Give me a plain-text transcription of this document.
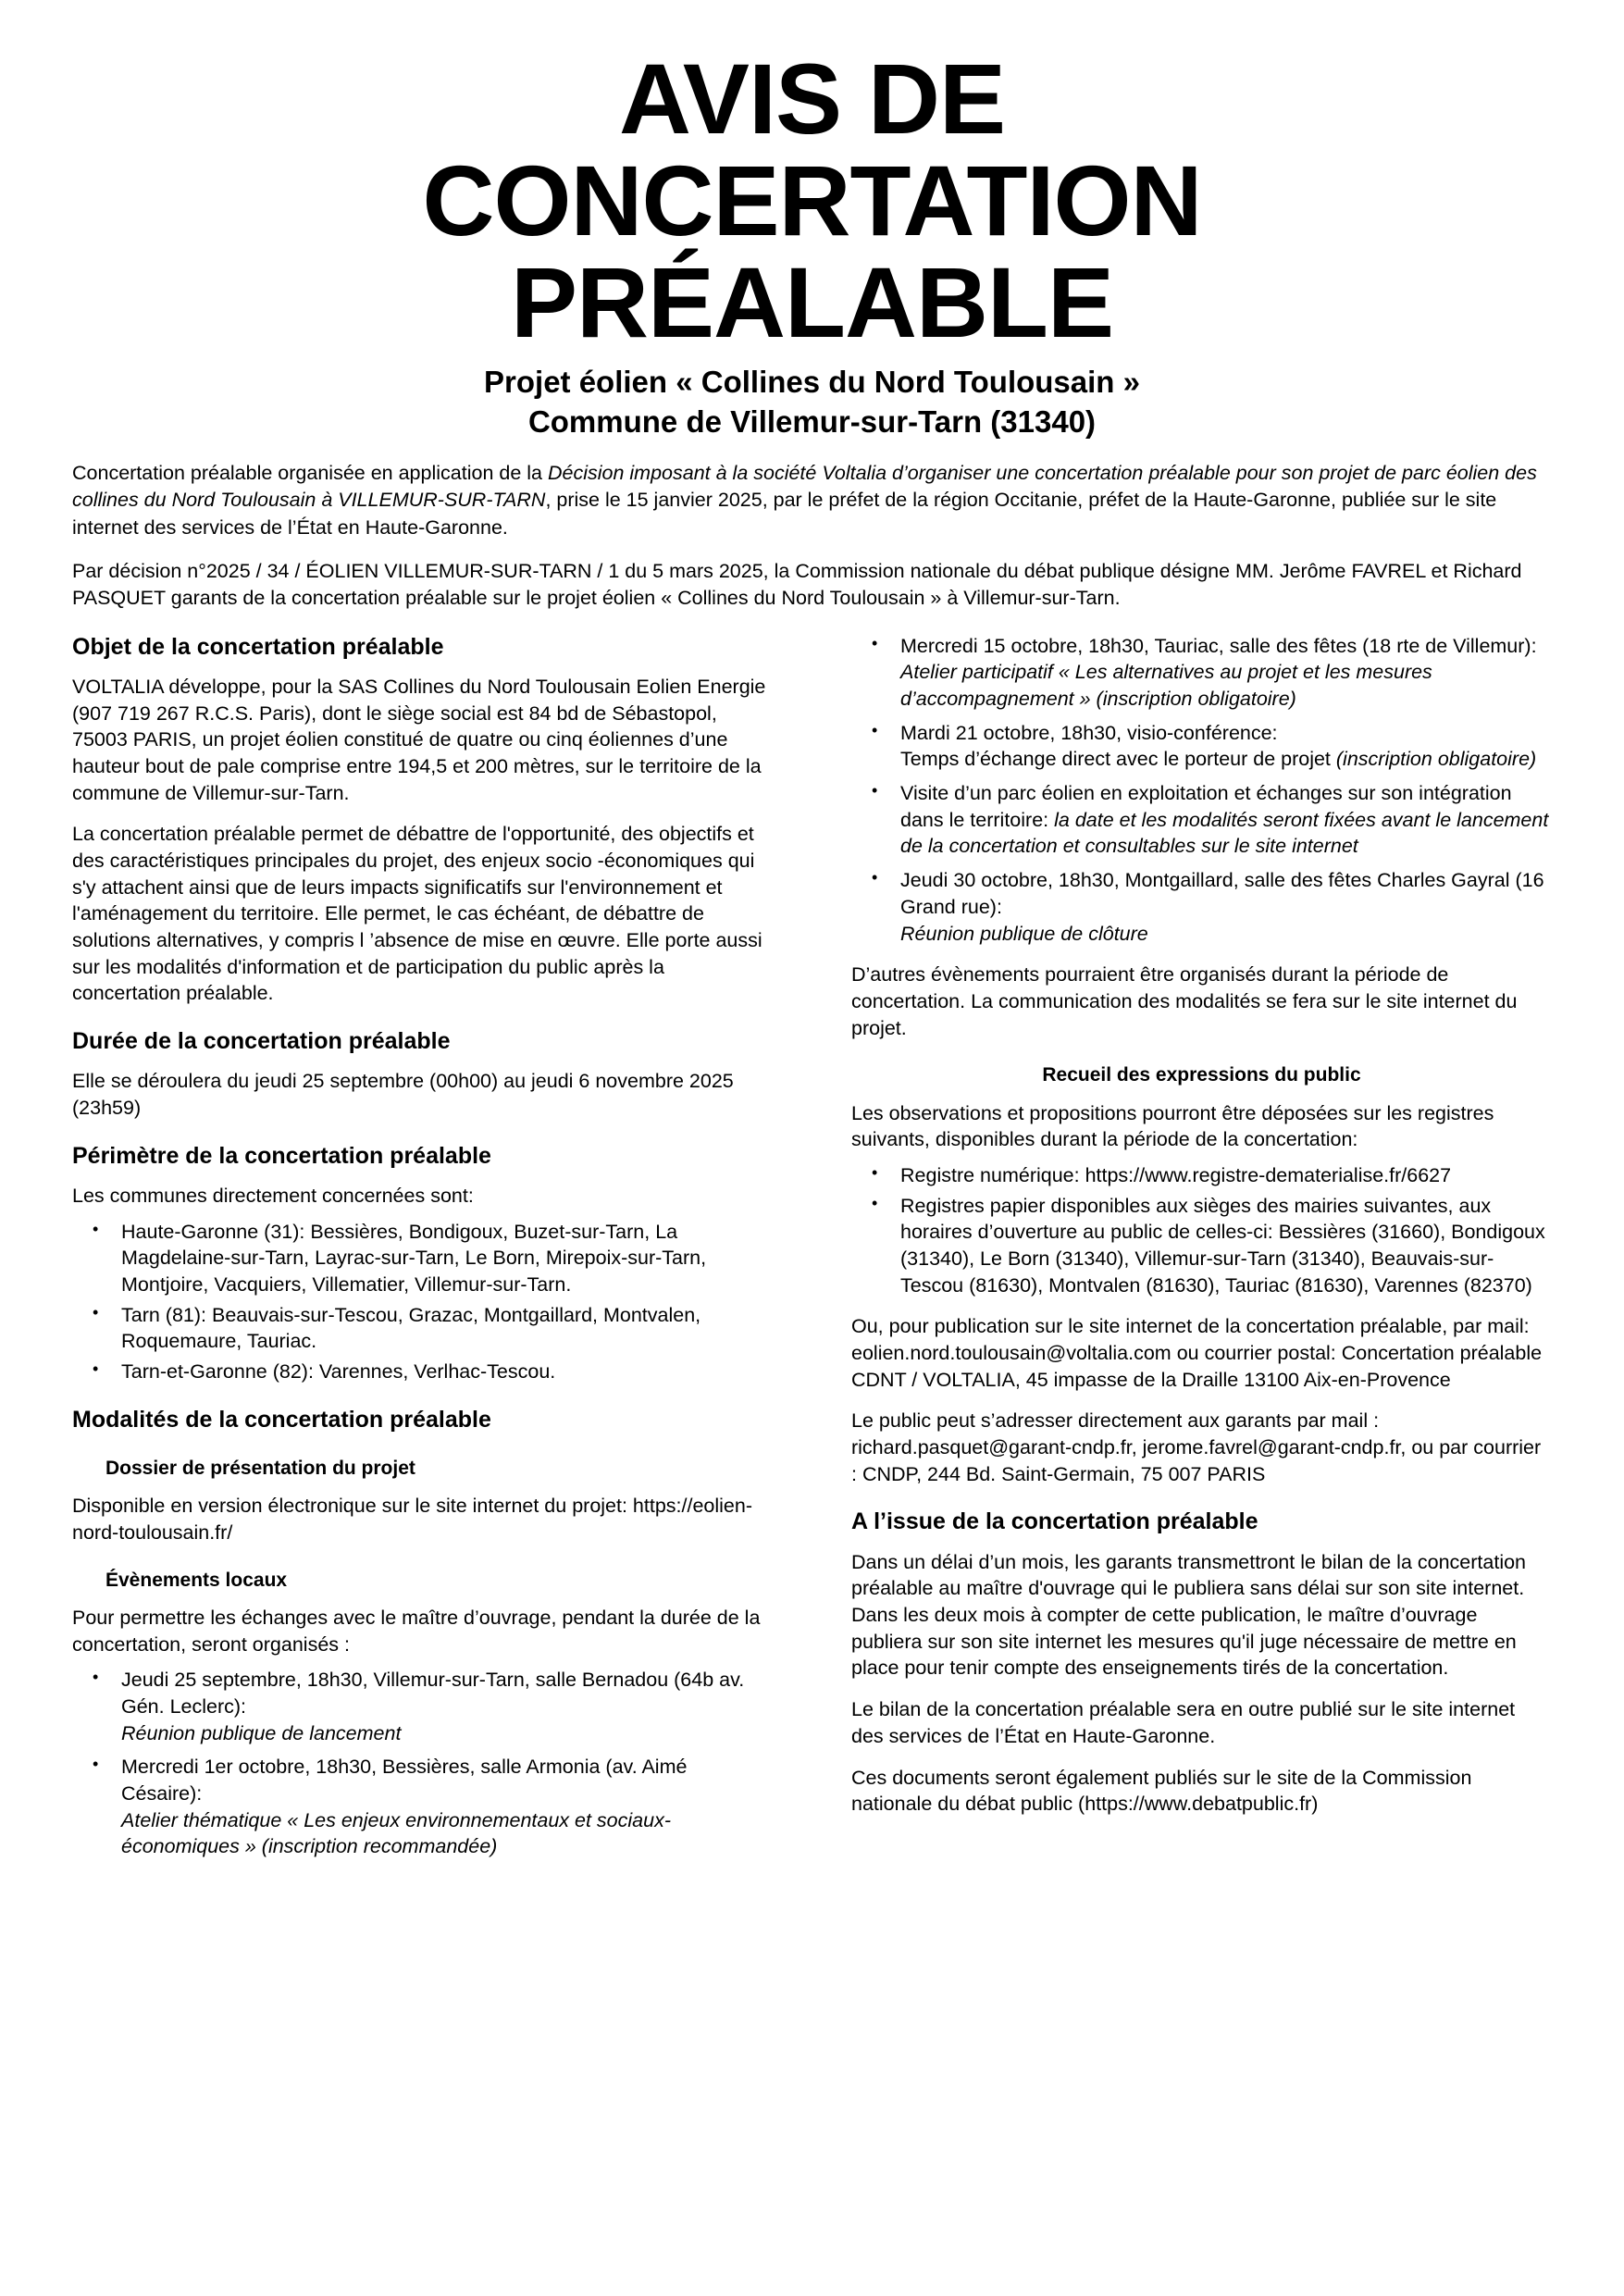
AVIS DE
CONCERTATION
PRÉALABLE
Projet éolien « Collines du Nord Toulousain »
Commune de Villemur-sur-Tarn (31340)

Concertation préalable organisée en application de la Décision imposant à la société Voltalia d’organiser une concertation préalable pour son projet de parc éolien des collines du Nord Toulousain à VILLEMUR-SUR-TARN, prise le 15 janvier 2025, par le préfet de la région Occitanie, préfet de la Haute-Garonne, publiée sur le site internet des services de l’État en Haute-Garonne.

Par décision n°2025 / 34 / ÉOLIEN VILLEMUR-SUR-TARN / 1 du 5 mars 2025, la Commission nationale du débat publique désigne MM. Jerôme FAVREL et Richard PASQUET garants de la concertation préalable sur le projet éolien « Collines du Nord Toulousain » à Villemur-sur-Tarn.

Objet de la concertation préalable

VOLTALIA développe, pour la SAS Collines du Nord Toulousain Eolien Energie (907 719 267 R.C.S. Paris), dont le siège social est 84 bd de Sébastopol, 75003 PARIS, un projet éolien constitué de quatre ou cinq éoliennes d’une hauteur bout de pale comprise entre 194,5 et 200 mètres, sur le territoire de la commune de Villemur-sur-Tarn.

La concertation préalable permet de débattre de l'opportunité, des objectifs et des caractéristiques principales du projet, des enjeux socio -économiques qui s'y attachent ainsi que de leurs impacts significatifs sur l'environnement et l'aménagement du territoire. Elle permet, le cas échéant, de débattre de solutions alternatives, y compris l ’absence de mise en œuvre. Elle porte aussi sur les modalités d'information et de participation du public après la concertation préalable.

Durée de la concertation préalable

Elle se déroulera du jeudi 25 septembre (00h00) au jeudi 6 novembre 2025 (23h59)

Périmètre de la concertation préalable

Les communes directement concernées sont:

• Haute-Garonne (31): Bessières, Bondigoux, Buzet-sur-Tarn, La Magdelaine-sur-Tarn, Layrac-sur-Tarn, Le Born, Mirepoix-sur-Tarn, Montjoire, Vacquiers, Villematier, Villemur-sur-Tarn.
• Tarn (81): Beauvais-sur-Tescou, Grazac, Montgaillard, Montvalen, Roquemaure, Tauriac.
• Tarn-et-Garonne (82): Varennes, Verlhac-Tescou.
Modalités de la concertation préalable
Dossier de présentation du projet

Disponible en version électronique sur le site internet du projet: https://eolien-nord-toulousain.fr/

Évènements locaux

Pour permettre les échanges avec le maître d’ouvrage, pendant la durée de la concertation, seront organisés :

• Jeudi 25 septembre, 18h30, Villemur-sur-Tarn, salle Bernadou (64b av. Gén. Leclerc):
Réunion publique de lancement
• Mercredi 1er octobre, 18h30, Bessières, salle Armonia (av. Aimé Césaire):
Atelier thématique « Les enjeux environnementaux et sociaux-économiques » (inscription recommandée)
• Mercredi 15 octobre, 18h30, Tauriac, salle des fêtes (18 rte de Villemur):
Atelier participatif « Les alternatives au projet et les mesures d’accompagnement » (inscription obligatoire)
• Mardi 21 octobre, 18h30, visio-conférence:
Temps d’échange direct avec le porteur de projet (inscription obligatoire)
• Visite d’un parc éolien en exploitation et échanges sur son intégration dans le territoire: la date et les modalités seront fixées avant le lancement de la concertation et consultables sur le site internet
• Jeudi 30 octobre, 18h30, Montgaillard, salle des fêtes Charles Gayral (16 Grand rue):
Réunion publique de clôture

D’autres évènements pourraient être organisés durant la période de concertation. La communication des modalités se fera sur le site internet du projet.

Recueil des expressions du public

Les observations et propositions pourront être déposées sur les registres suivants, disponibles durant la période de la concertation:

• Registre numérique: https://www.registre-dematerialise.fr/6627
• Registres papier disponibles aux sièges des mairies suivantes, aux horaires d’ouverture au public de celles-ci: Bessières (31660), Bondigoux (31340), Le Born (31340), Villemur-sur-Tarn (31340), Beauvais-sur-Tescou (81630), Montvalen (81630), Tauriac (81630), Varennes (82370)

Ou, pour publication sur le site internet de la concertation préalable, par mail: eolien.nord.toulousain@voltalia.com ou courrier postal: Concertation préalable CDNT / VOLTALIA, 45 impasse de la Draille 13100 Aix-en-Provence

Le public peut s’adresser directement aux garants par mail : richard.pasquet@garant-cndp.fr, jerome.favrel@garant-cndp.fr, ou par courrier : CNDP, 244 Bd. Saint-Germain, 75 007 PARIS

A l’issue de la concertation préalable

Dans un délai d’un mois, les garants transmettront le bilan de la concertation préalable au maître d'ouvrage qui le publiera sans délai sur son site internet. Dans les deux mois à compter de cette publication, le maître d’ouvrage publiera sur son site internet les mesures qu'il juge nécessaire de mettre en place pour tenir compte des enseignements tirés de la concertation.

Le bilan de la concertation préalable sera en outre publié sur le site internet des services de l’État en Haute-Garonne.

Ces documents seront également publiés sur le site de la Commission nationale du débat public (https://www.debatpublic.fr)
